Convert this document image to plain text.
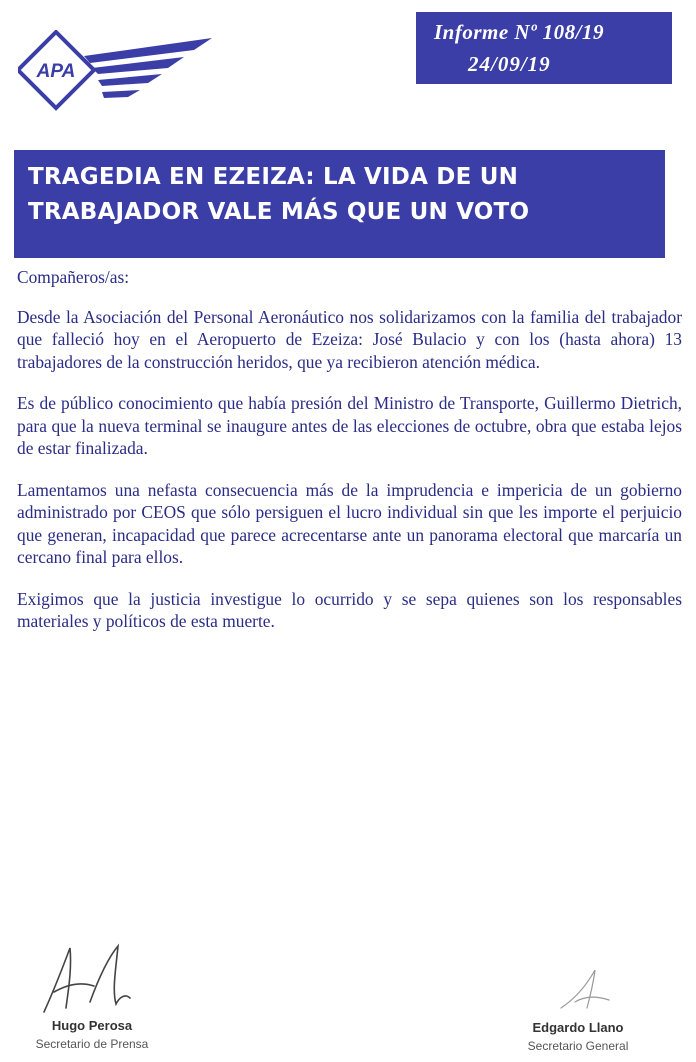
APA
Informe Nº 108/19
24/09/19
TRAGEDIA EN EZEIZA: LA VIDA DE UN TRABAJADOR VALE MÁS QUE UN VOTO

Compañeros/as:

Desde la Asociación del Personal Aeronáutico nos solidarizamos con la familia del trabajador que falleció hoy en el Aeropuerto de Ezeiza: José Bulacio y con los (hasta ahora) 13 trabajadores de la construcción heridos, que ya recibieron atención médica.

Es de público conocimiento que había presión del Ministro de Transporte, Guillermo Dietrich, para que la nueva terminal se inaugure antes de las elecciones de octubre, obra que estaba lejos de estar finalizada.

Lamentamos una nefasta consecuencia más de la imprudencia e impericia de un gobierno administrado por CEOS que sólo persiguen el lucro individual sin que les importe el perjuicio que generan, incapacidad que parece acrecentarse ante un panorama electoral que marcaría un cercano final para ellos.

Exigimos que la justicia investigue lo ocurrido y se sepa quienes son los responsables materiales y políticos de esta muerte.

Hugo Perosa
Secretario de Prensa
Edgardo Llano
Secretario General
